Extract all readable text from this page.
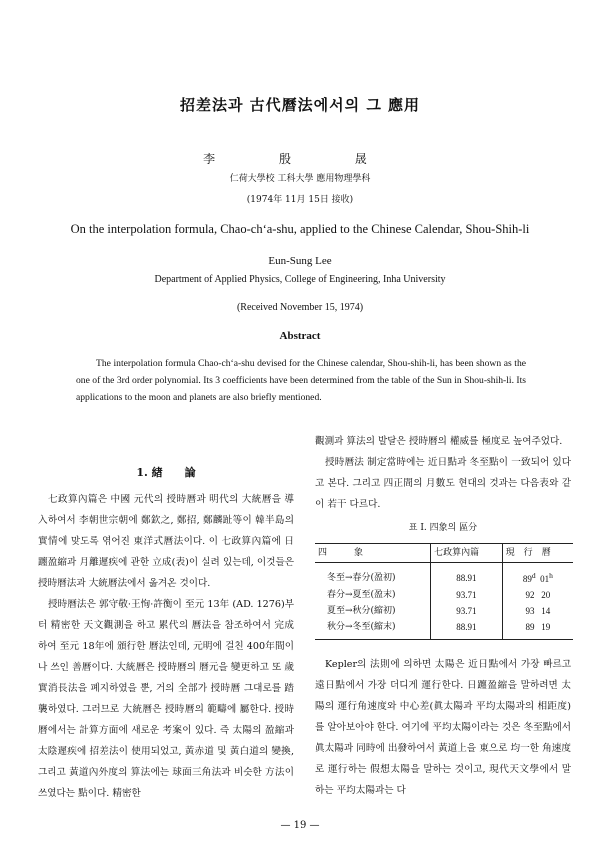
招差法과 古代曆法에서의 그 應用
李 殷 晟
仁荷大學校 工科大學 應用物理學科
(1974年 11月 15日 接收)
On the interpolation formula, Chao-ch‘a-shu, applied to the Chinese Calendar, Shou-Shih-li
Eun-Sung Lee
Department of Applied Physics, College of Engineering, Inha University
(Received November 15, 1974)
Abstract

The interpolation formula Chao-ch‘a-shu devised for the Chinese calendar, Shou-shih-li, has been shown as the one of the 3rd order polynomial. Its 3 coefficients have been determined from the table of the Sun in Shou-shih-li. Its applications to the moon and planets are also briefly mentioned.

1. 緖　　論

七政算內篇은 中國 元代의 授時曆과 明代의 大統曆을 導入하여서 李朝世宗朝에 鄭欽之, 鄭招, 鄭麟趾等이 韓半島의 實情에 맞도록 엮어진 東洋式曆法이다. 이 七政算內篇에 日躔盈縮과 月離遲疾에 관한 立成(表)이 실려 있는데, 이것들은 授時曆法과 大統曆法에서 옮겨온 것이다.

授時曆法은 郭守敬·王恂·許衡이 至元 13年 (AD. 1276)부터 精密한 天文觀測을 하고 累代의 曆法을 참조하여서 完成하여 至元 18年에 頒行한 曆法인데, 元明에 걸친 400年間이나 쓰인 善曆이다. 大統曆은 授時曆의 曆元을 變更하고 또 歲實消長法을 폐지하였을 뿐, 거의 全部가 授時曆 그대로를 踏襲하였다. 그러므로 大統曆은 授時曆의 範疇에 屬한다. 授時曆에서는 計算方面에 새로운 考案이 있다. 즉 太陽의 盈縮과 太陰遲疾에 招差法이 使用되었고, 黃赤道 및 黃白道의 變換, 그리고 黃道內外度의 算法에는 球面三角法과 비슷한 方法이 쓰였다는 點이다. 精密한

觀測과 算法의 발달은 授時曆의 權威를 極度로 높여주었다.

授時曆法 制定當時에는 近日點과 冬至點이 一致되어 있다고 본다. 그리고 四正間의 月數도 현대의 것과는 다음表와 같이 若干 다르다.

표 I. 四象의 區分
四　　　象	七政算內篇	現　行　曆
冬至→春分(盈初)	88.91	89$^d$ 01$^h$
春分→夏至(盈末)	93.71	92 20
夏至→秋分(縮初)	93.71	93 14
秋分→冬至(縮末)	88.91	89 19

Kepler의 法則에 의하면 太陽은 近日點에서 가장 빠르고 遠日點에서 가장 더디게 運行한다. 日躔盈縮을 말하려면 太陽의 運行角速度와 中心差(眞太陽과 平均太陽과의 相距度)를 알아보아야 한다. 여기에 平均太陽이라는 것은 冬至點에서 眞太陽과 同時에 出發하여서 黃道上을 東으로 均一한 角速度로 運行하는 假想太陽을 말하는 것이고, 現代天文學에서 말하는 平均太陽과는 다

— 19 —
